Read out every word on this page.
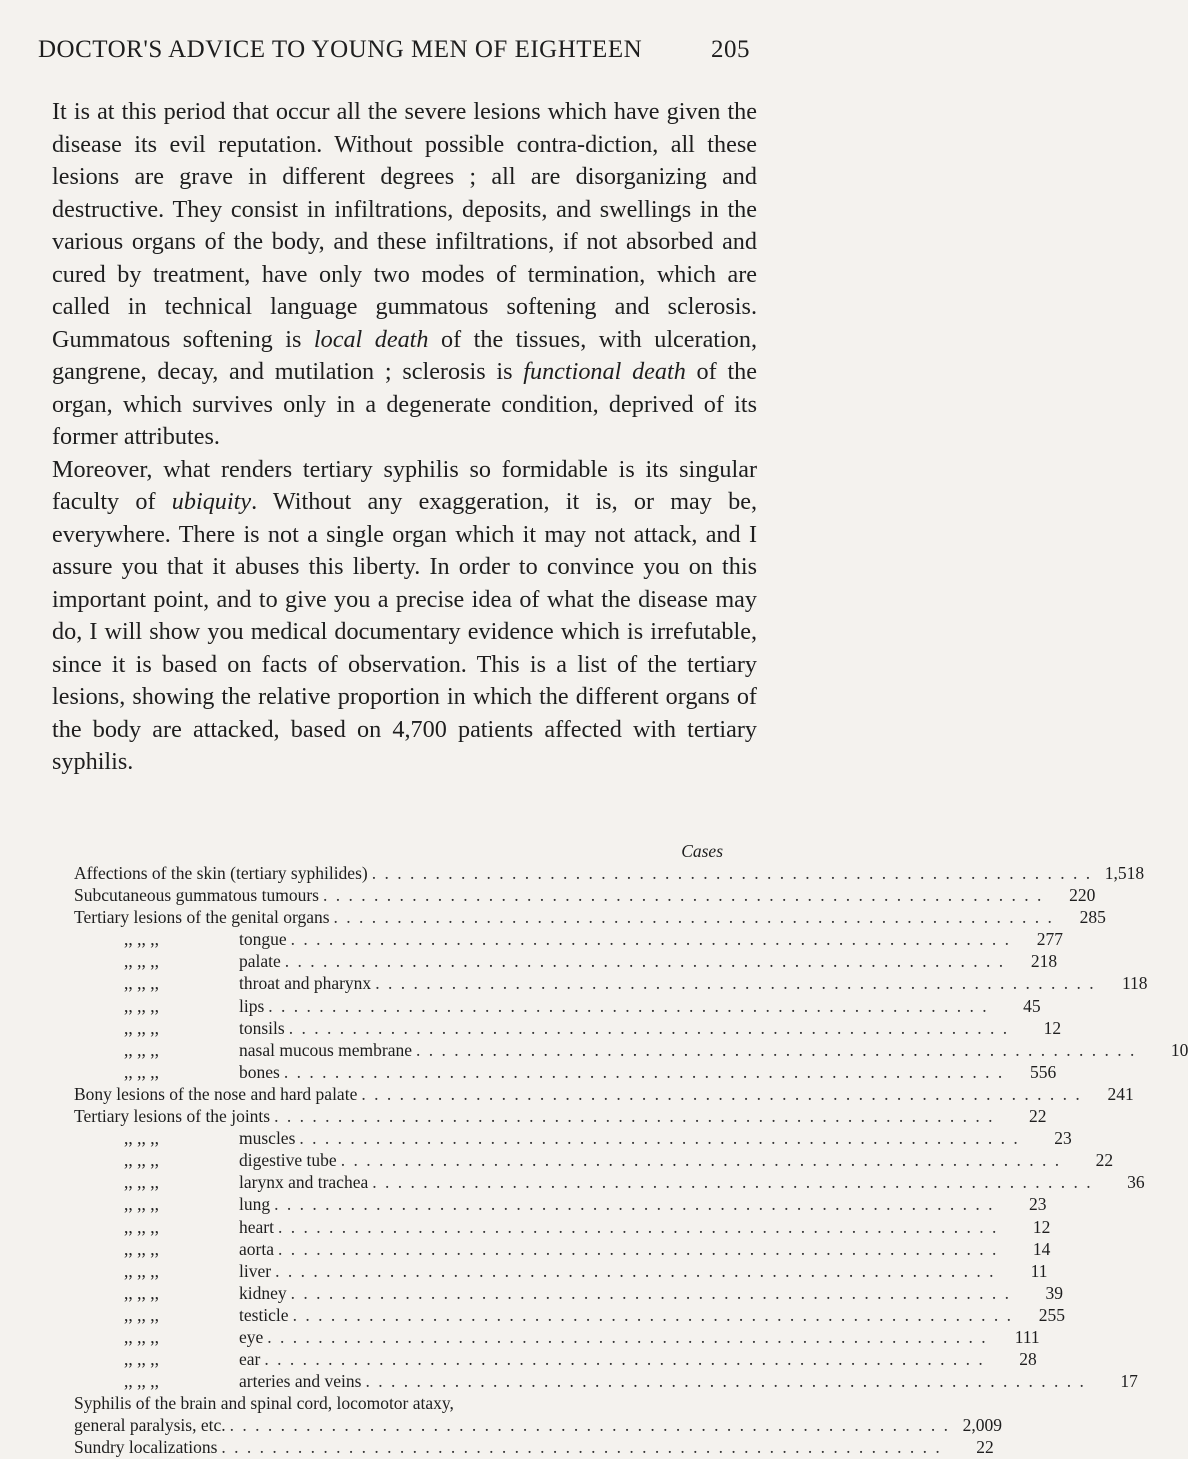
DOCTOR'S ADVICE TO YOUNG MEN OF EIGHTEEN	205

It is at this period that occur all the severe lesions which have given the disease its evil reputation. Without possible contra-diction, all these lesions are grave in different degrees ; all are disorganizing and destructive. They consist in infiltrations, deposits, and swellings in the various organs of the body, and these infiltrations, if not absorbed and cured by treatment, have only two modes of termination, which are called in technical language gummatous softening and sclerosis. Gummatous softening is local death of the tissues, with ulceration, gangrene, decay, and mutilation ; sclerosis is functional death of the organ, which survives only in a degenerate condition, deprived of its former attributes.

Moreover, what renders tertiary syphilis so formidable is its singular faculty of ubiquity. Without any exaggeration, it is, or may be, everywhere. There is not a single organ which it may not attack, and I assure you that it abuses this liberty. In order to convince you on this important point, and to give you a precise idea of what the disease may do, I will show you medical documentary evidence which is irrefutable, since it is based on facts of observation. This is a list of the tertiary lesions, showing the relative proportion in which the different organs of the body are attacked, based on 4,700 patients affected with tertiary syphilis.

Cases
Affections of the skin (tertiary syphilides) . . . . . . . . . . . . . . . . . . . . . . . . . . . . . . . . . . . . . . . . . . . . . . . . . . . . . . . . . 1,518
Subcutaneous gummatous tumours . . . . . . . . . . . . . . . . . . . . . . . . . . . . . . . . . . . . . . . . . . . . . . . . . . . . . . . . .	220
Tertiary lesions of the genital organs . . . . . . . . . . . . . . . . . . . . . . . . . . . . . . . . . . . . . . . . . . . . . . . . . . . . . . . . .	285
,, ,, ,,	tongue . . . . . . . . . . . . . . . . . . . . . . . . . . . . . . . . . . . . . . . . . . . . . . . . . . . . . . . . .	277
,, ,, ,,	palate . . . . . . . . . . . . . . . . . . . . . . . . . . . . . . . . . . . . . . . . . . . . . . . . . . . . . . . . .	218
,, ,, ,,	throat and pharynx . . . . . . . . . . . . . . . . . . . . . . . . . . . . . . . . . . . . . . . . . . . . . . . . . . . . . . . . .	118
,, ,, ,,	lips . . . . . . . . . . . . . . . . . . . . . . . . . . . . . . . . . . . . . . . . . . . . . . . . . . . . . . . . .	45
,, ,, ,,	tonsils . . . . . . . . . . . . . . . . . . . . . . . . . . . . . . . . . . . . . . . . . . . . . . . . . . . . . . . . .	12
,, ,, ,,	nasal mucous membrane . . . . . . . . . . . . . . . . . . . . . . . . . . . . . . . . . . . . . . . . . . . . . . . . . . . . . . . . .	10
,, ,, ,,	bones . . . . . . . . . . . . . . . . . . . . . . . . . . . . . . . . . . . . . . . . . . . . . . . . . . . . . . . . .	556
Bony lesions of the nose and hard palate . . . . . . . . . . . . . . . . . . . . . . . . . . . . . . . . . . . . . . . . . . . . . . . . . . . . . . . . .	241
Tertiary lesions of the joints . . . . . . . . . . . . . . . . . . . . . . . . . . . . . . . . . . . . . . . . . . . . . . . . . . . . . . . . .	22
,, ,, ,,	muscles . . . . . . . . . . . . . . . . . . . . . . . . . . . . . . . . . . . . . . . . . . . . . . . . . . . . . . . . .	23
,, ,, ,,	digestive tube . . . . . . . . . . . . . . . . . . . . . . . . . . . . . . . . . . . . . . . . . . . . . . . . . . . . . . . . .	22
,, ,, ,,	larynx and trachea . . . . . . . . . . . . . . . . . . . . . . . . . . . . . . . . . . . . . . . . . . . . . . . . . . . . . . . . .	36
,, ,, ,,	lung . . . . . . . . . . . . . . . . . . . . . . . . . . . . . . . . . . . . . . . . . . . . . . . . . . . . . . . . .	23
,, ,, ,,	heart . . . . . . . . . . . . . . . . . . . . . . . . . . . . . . . . . . . . . . . . . . . . . . . . . . . . . . . . .	12
,, ,, ,,	aorta . . . . . . . . . . . . . . . . . . . . . . . . . . . . . . . . . . . . . . . . . . . . . . . . . . . . . . . . .	14
,, ,, ,,	liver . . . . . . . . . . . . . . . . . . . . . . . . . . . . . . . . . . . . . . . . . . . . . . . . . . . . . . . . .	11
,, ,, ,,	kidney . . . . . . . . . . . . . . . . . . . . . . . . . . . . . . . . . . . . . . . . . . . . . . . . . . . . . . . . .	39
,, ,, ,,	testicle . . . . . . . . . . . . . . . . . . . . . . . . . . . . . . . . . . . . . . . . . . . . . . . . . . . . . . . . .	255
,, ,, ,,	eye . . . . . . . . . . . . . . . . . . . . . . . . . . . . . . . . . . . . . . . . . . . . . . . . . . . . . . . . .	111
,, ,, ,,	ear . . . . . . . . . . . . . . . . . . . . . . . . . . . . . . . . . . . . . . . . . . . . . . . . . . . . . . . . .	28
,, ,, ,,	arteries and veins . . . . . . . . . . . . . . . . . . . . . . . . . . . . . . . . . . . . . . . . . . . . . . . . . . . . . . . . .	17
Syphilis of the brain and spinal cord, locomotor ataxy,
general paralysis, etc. . . . . . . . . . . . . . . . . . . . . . . . . . . . . . . . . . . . . . . . . . . . . . . . . . . . . . . . . . 2,009
Sundry localizations . . . . . . . . . . . . . . . . . . . . . . . . . . . . . . . . . . . . . . . . . . . . . . . . . . . . . . . . .	22
